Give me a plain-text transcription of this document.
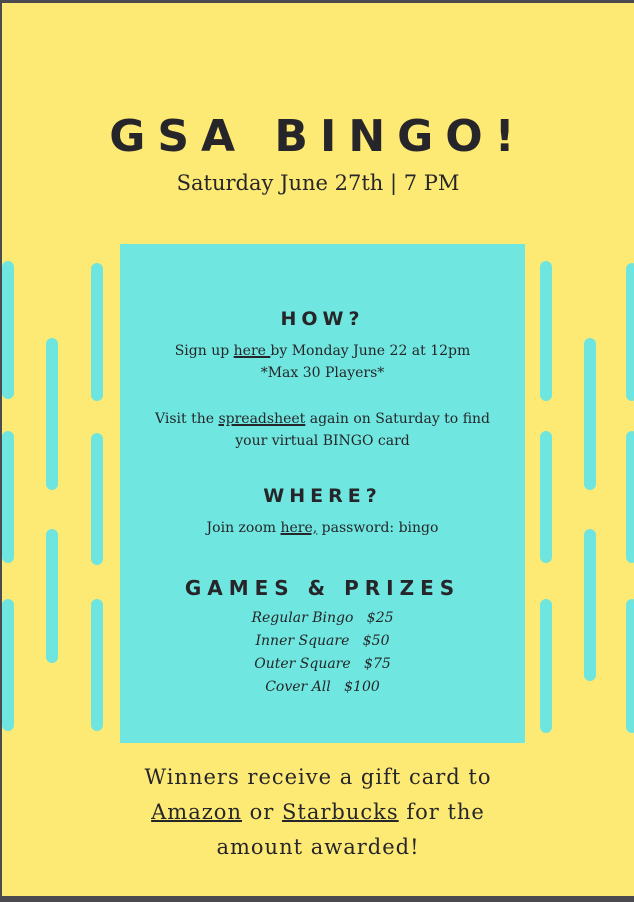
GSA BINGO!
Saturday June 27th | 7 PM
HOW?
Sign up here by Monday June 22 at 12pm
*Max 30 Players*
Visit the spreadsheet again on Saturday to find
your virtual BINGO card
WHERE?
Join zoom here, password: bingo
GAMES & PRIZES
Regular Bingo $25
Inner Square $50
Outer Square $75
Cover All $100
Winners receive a gift card to
Amazon or Starbucks for the
amount awarded!
